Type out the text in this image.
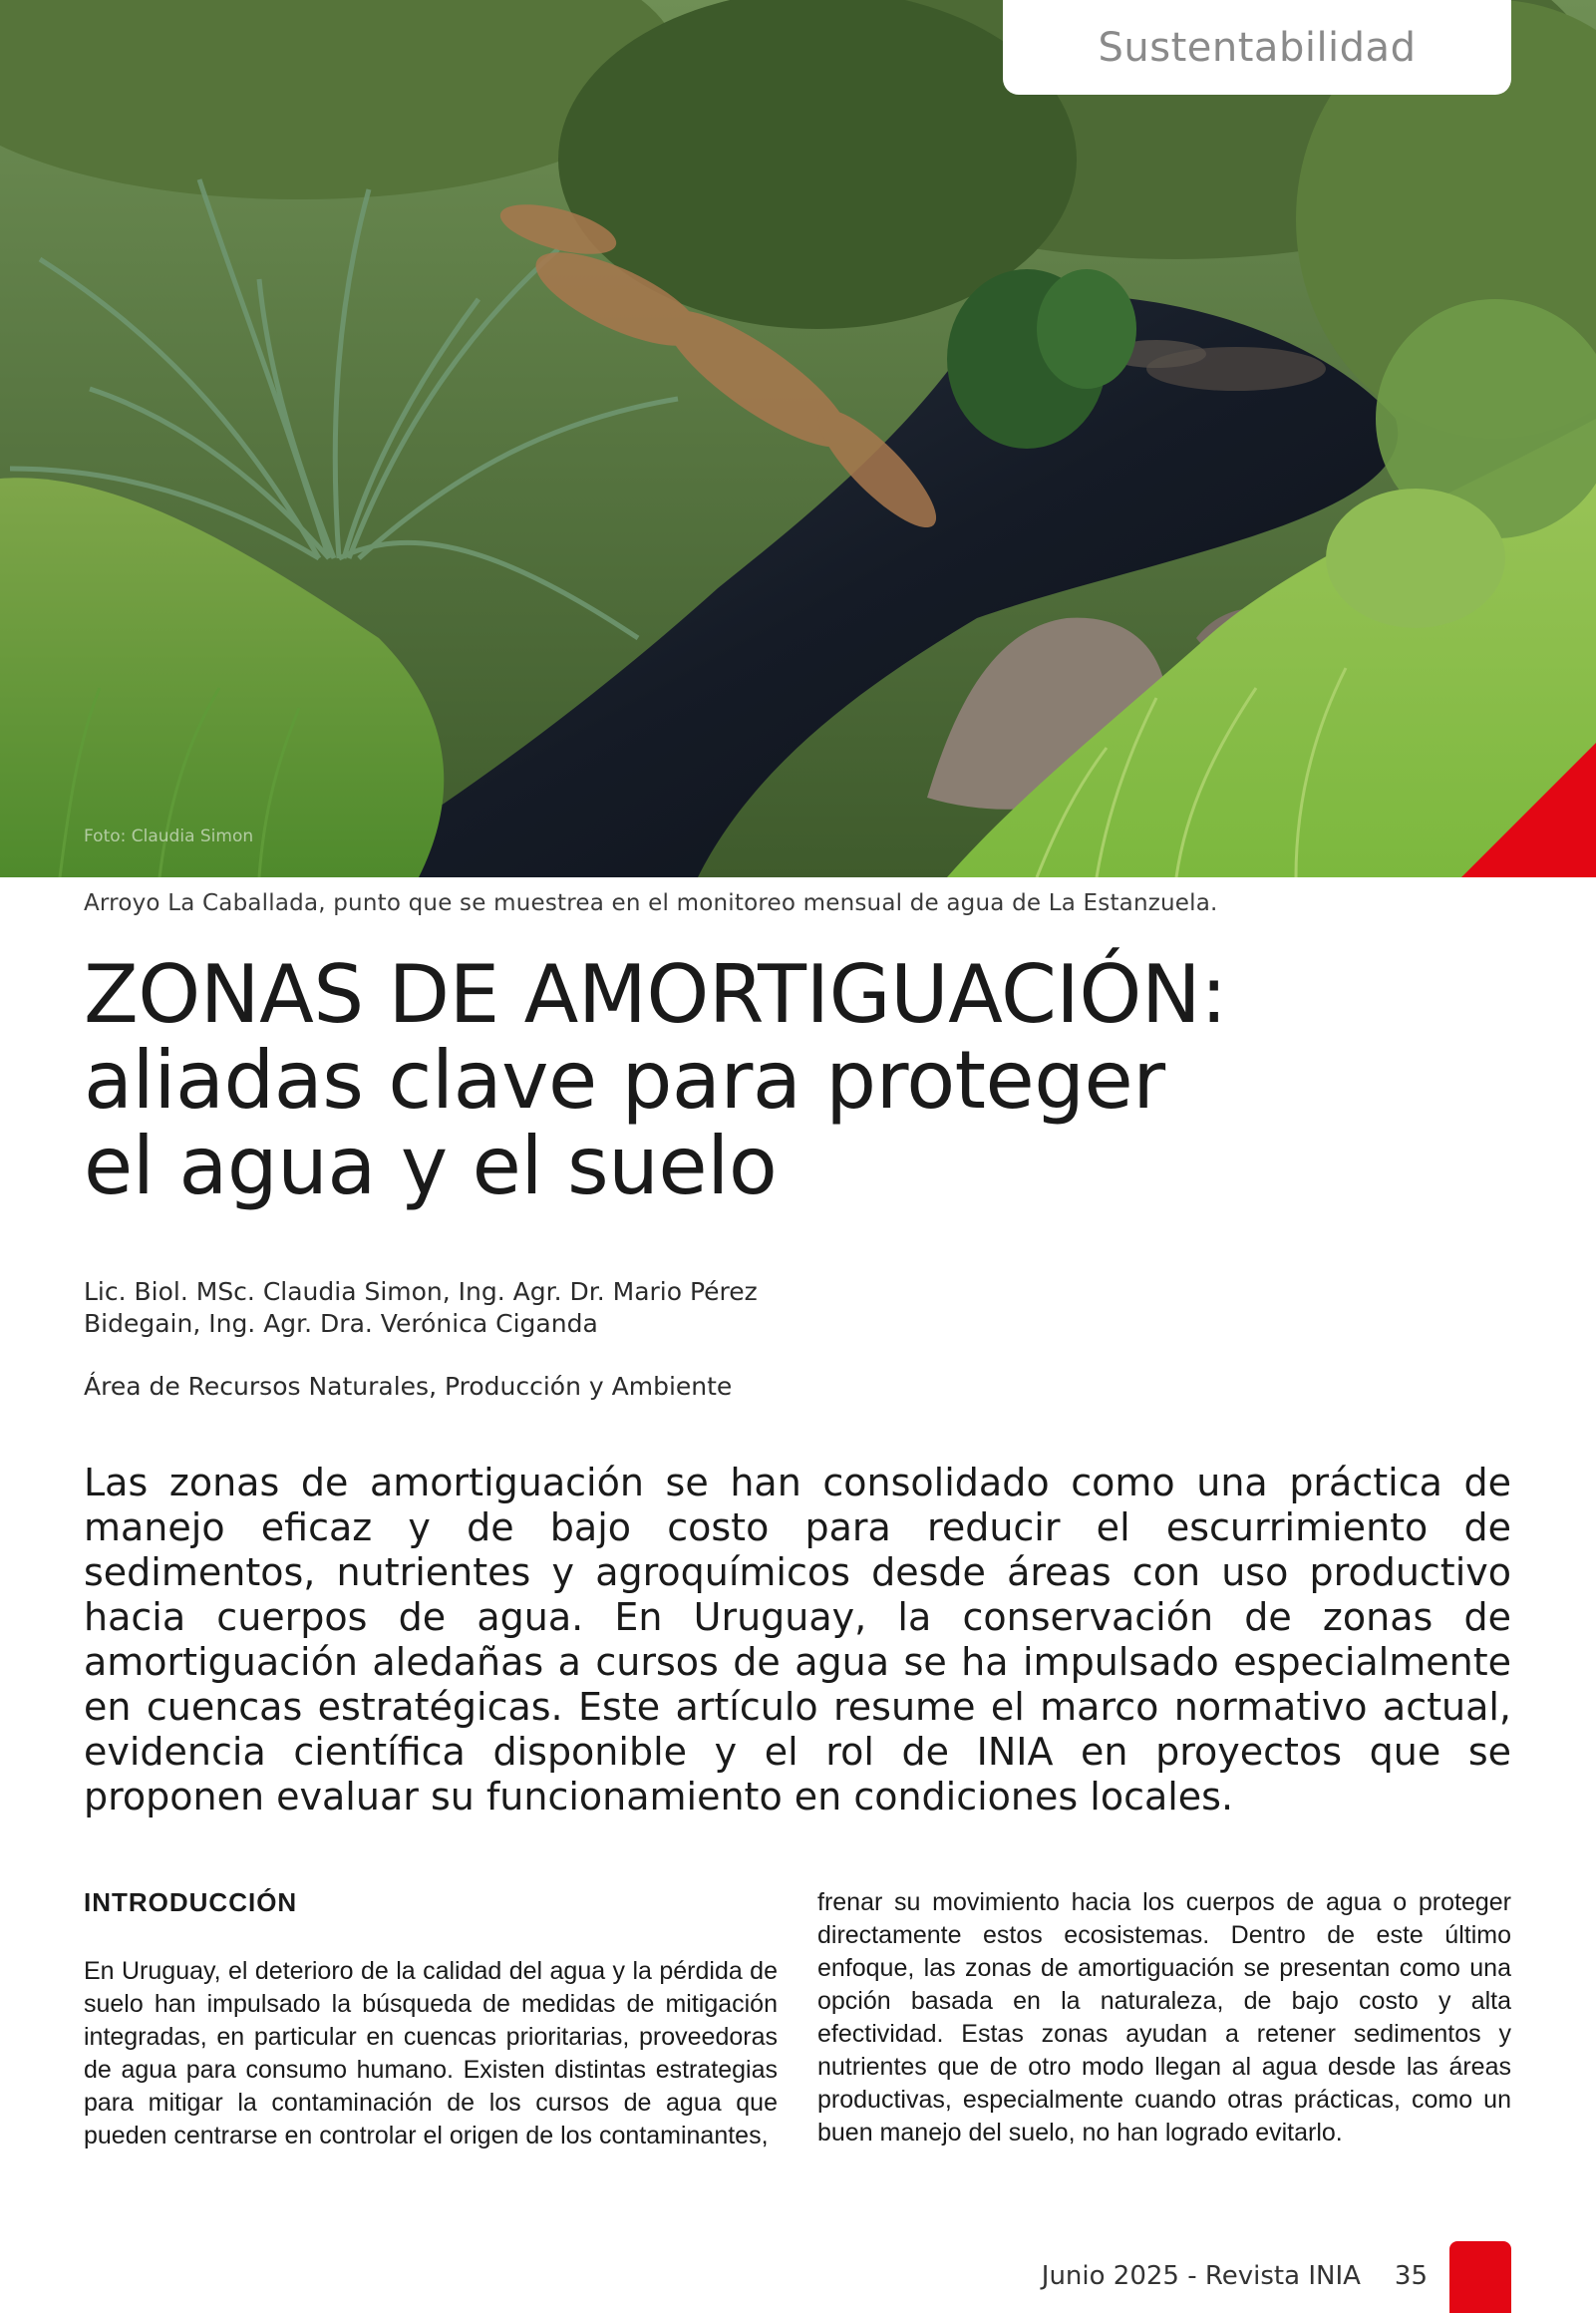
Sustentabilidad
Foto: Claudia Simon
Arroyo La Caballada, punto que se muestrea en el monitoreo mensual de agua de La Estanzuela.
ZONAS DE AMORTIGUACIÓN:
aliadas clave para proteger
el agua y el suelo
Lic. Biol. MSc. Claudia Simon, Ing. Agr. Dr. Mario Pérez Bidegain, Ing. Agr. Dra. Verónica Ciganda
Área de Recursos Naturales, Producción y Ambiente

Las zonas de amortiguación se han consolidado como una práctica de manejo eficaz y de bajo costo para reducir el escurrimiento de sedimentos, nutrientes y agroquímicos desde áreas con uso productivo hacia cuerpos de agua. En Uruguay, la conservación de zonas de amortiguación aledañas a cursos de agua se ha impulsado especialmente en cuencas estratégicas. Este artículo resume el marco normativo actual, evidencia científica disponible y el rol de INIA en proyectos que se proponen evaluar su funcionamiento en condiciones locales.

INTRODUCCIÓN

En Uruguay, el deterioro de la calidad del agua y la pérdida de suelo han impulsado la búsqueda de medidas de mitigación integradas, en particular en cuencas prioritarias, proveedoras de agua para consumo humano. Existen distintas estrategias para mitigar la contaminación de los cursos de agua que pueden centrarse en controlar el origen de los contaminantes,

frenar su movimiento hacia los cuerpos de agua o proteger directamente estos ecosistemas. Dentro de este último enfoque, las zonas de amortiguación se presentan como una opción basada en la naturaleza, de bajo costo y alta efectividad. Estas zonas ayudan a retener sedimentos y nutrientes que de otro modo llegan al agua desde las áreas productivas, especialmente cuando otras prácticas, como un buen manejo del suelo, no han logrado evitarlo.

Junio 2025 - Revista INIA 35
